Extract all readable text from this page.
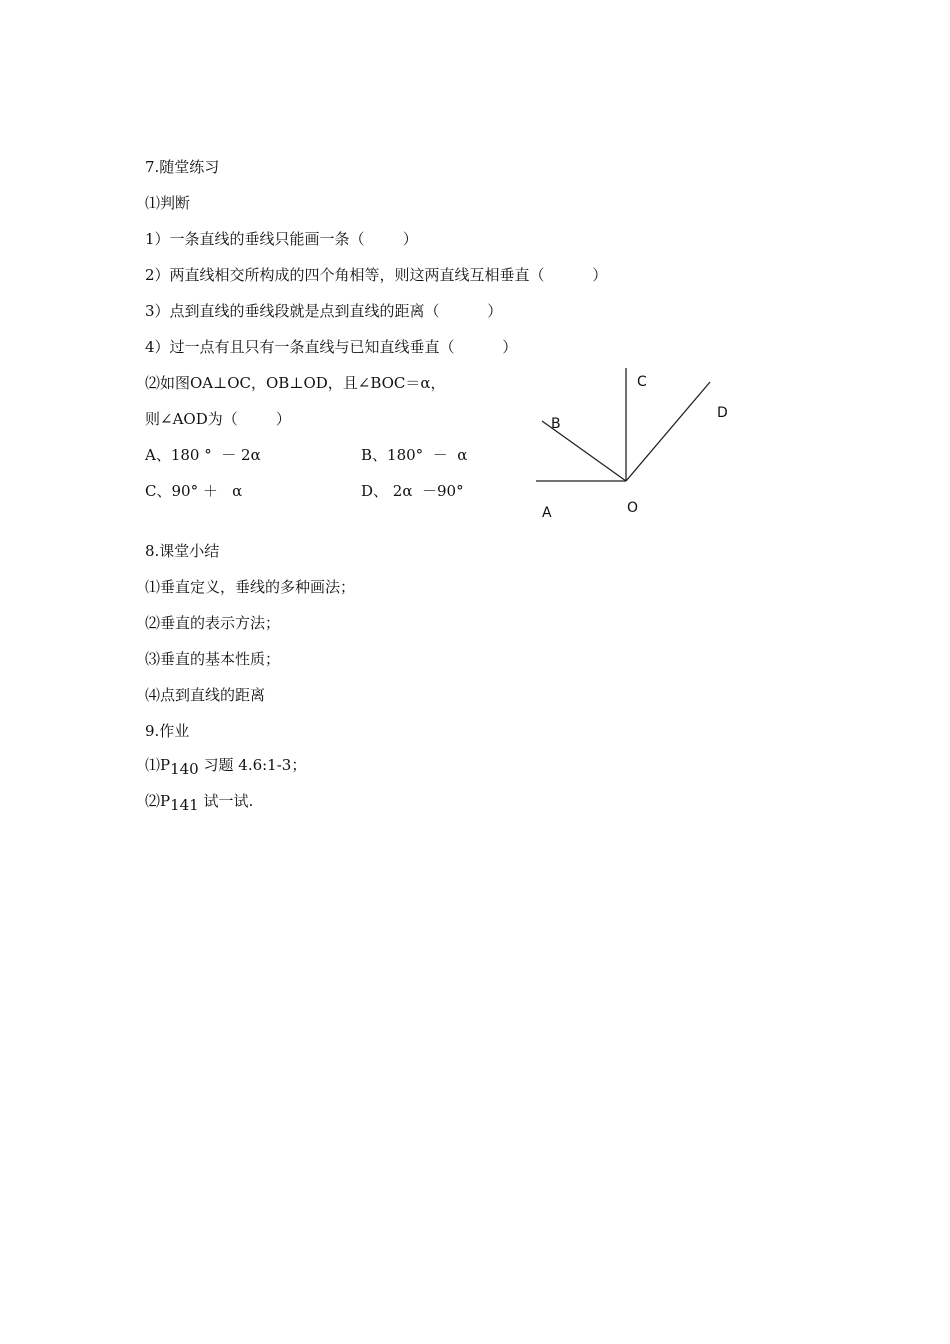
7.随堂练习
⑴判断
1）一条直线的垂线只能画一条（        ）
2）两直线相交所构成的四个角相等，则这两直线互相垂直（          ）
3）点到直线的垂线段就是点到直线的距离（          ）
4）过一点有且只有一条直线与已知直线垂直（          ）
⑵如图OA⊥OC，OB⊥OD，且∠BOC＝α，
则∠AOD为（        ）
A、180 °  － 2α	B、180°  －  α
C、90° ＋   α	D、 2α  －90°
A
B
C
D
O
8.课堂小结
⑴垂直定义，垂线的多种画法；
⑵垂直的表示方法；
⑶垂直的基本性质；
⑷点到直线的距离
9.作业
$⑴P_{140}$ 习题 4.6:1-3；
$⑵P_{141}$ 试一试.
